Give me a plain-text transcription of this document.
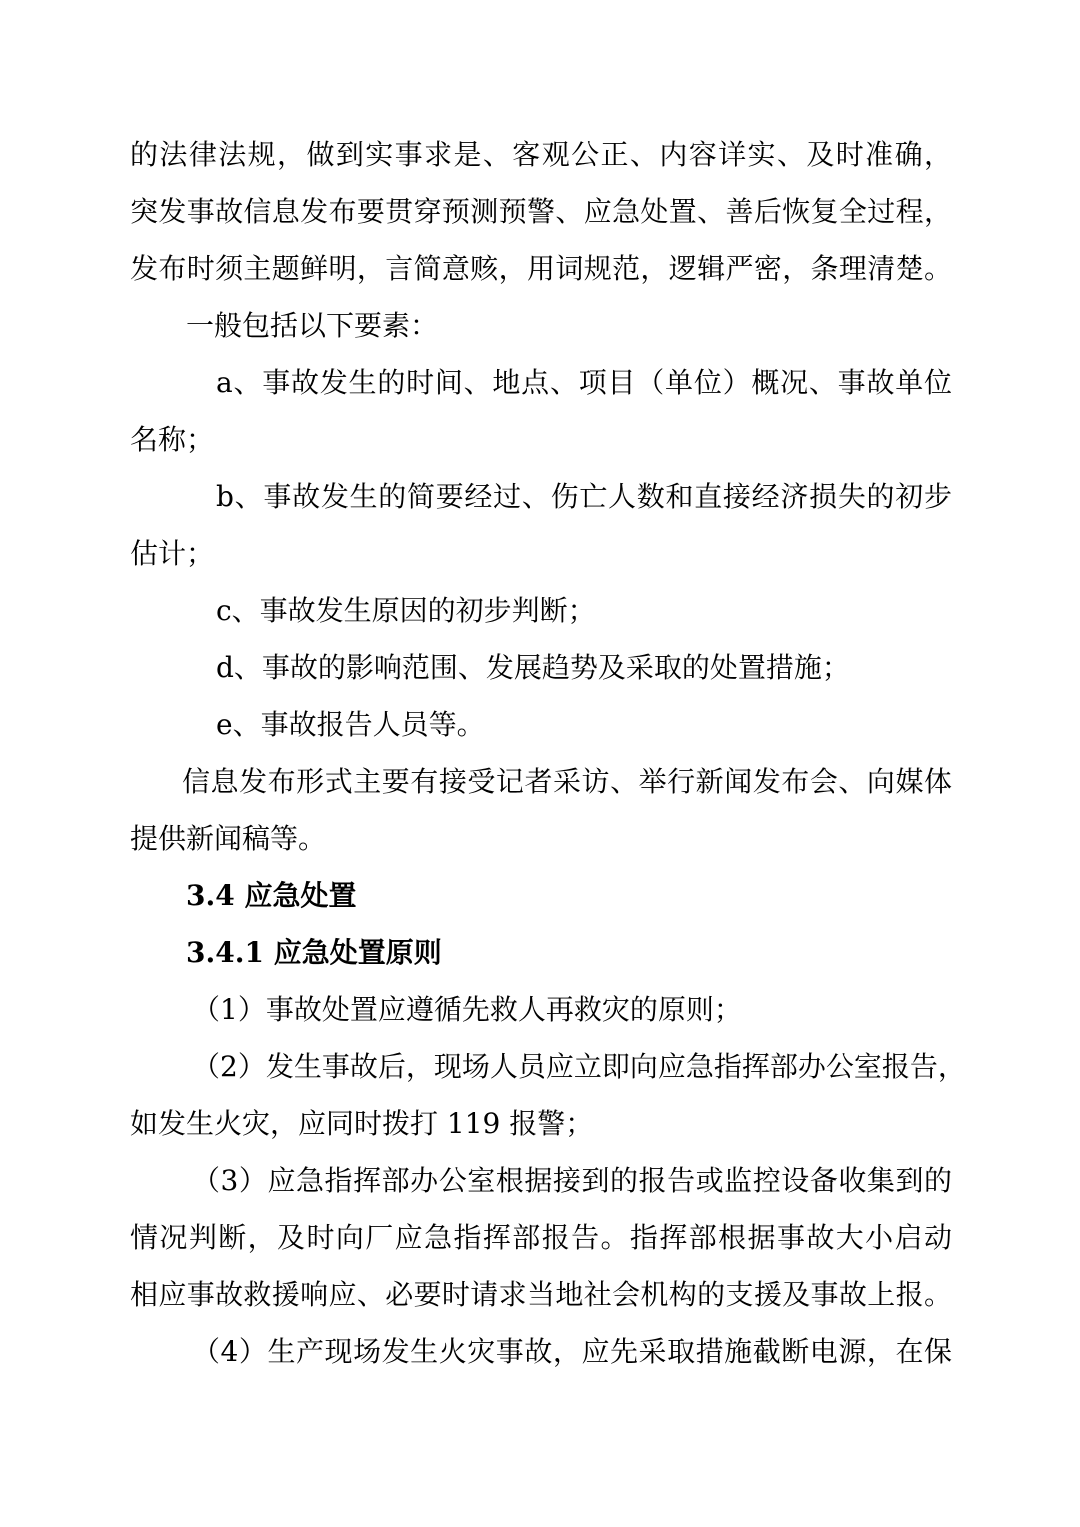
的法律法规，做到实事求是、客观公正、内容详实、及时准确，
突发事故信息发布要贯穿预测预警、应急处置、善后恢复全过程，
发布时须主题鲜明，言简意赅，用词规范，逻辑严密，条理清楚。
一般包括以下要素：
a、事故发生的时间、地点、项目（单位）概况、事故单位
名称；
b、事故发生的简要经过、伤亡人数和直接经济损失的初步
估计；
c、事故发生原因的初步判断；
d、事故的影响范围、发展趋势及采取的处置措施；
e、事故报告人员等。
信息发布形式主要有接受记者采访、举行新闻发布会、向媒体
提供新闻稿等。
3.4 应急处置
3.4.1 应急处置原则
（1）事故处置应遵循先救人再救灾的原则；
（2）发生事故后，现场人员应立即向应急指挥部办公室报告，
如发生火灾，应同时拨打 119 报警；
（3）应急指挥部办公室根据接到的报告或监控设备收集到的
情况判断，及时向厂应急指挥部报告。指挥部根据事故大小启动
相应事故救援响应、必要时请求当地社会机构的支援及事故上报。
（4）生产现场发生火灾事故，应先采取措施截断电源，在保
